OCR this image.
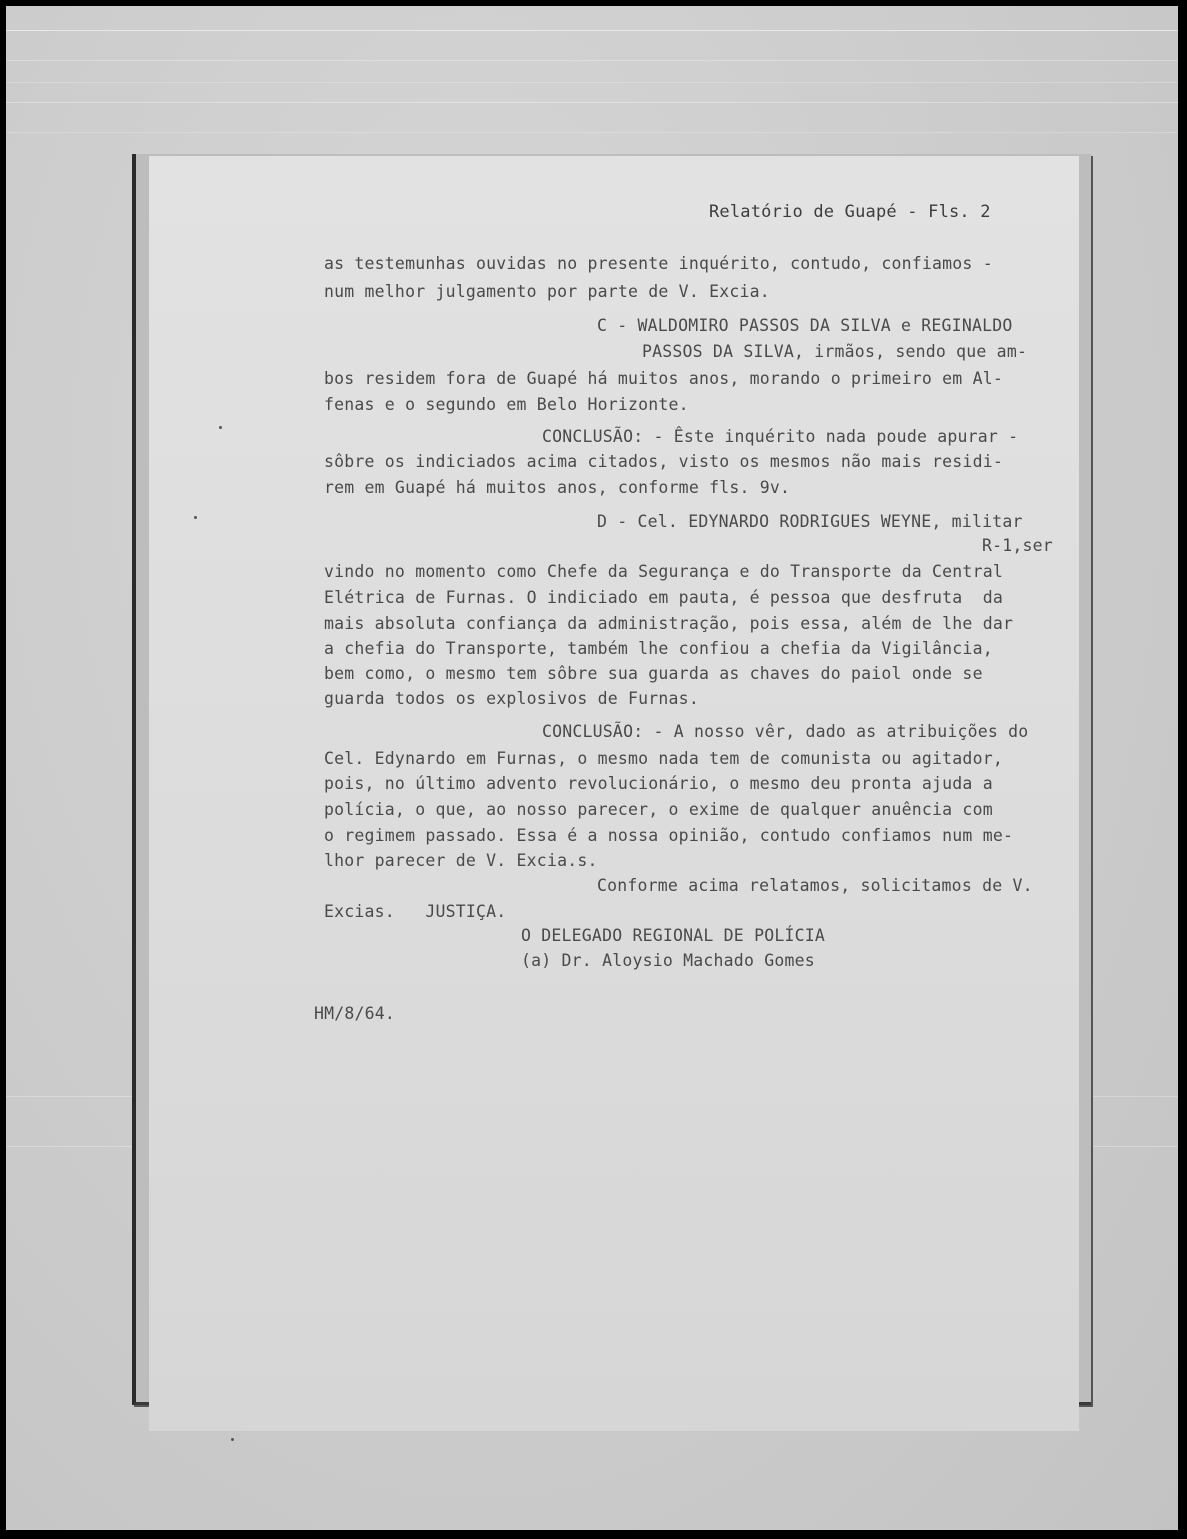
Relatório de Guapé - Fls. 2
as testemunhas ouvidas no presente inquérito, contudo, confiamos -
num melhor julgamento por parte de V. Excia.
C - WALDOMIRO PASSOS DA SILVA e REGINALDO
PASSOS DA SILVA, irmãos, sendo que am-
bos residem fora de Guapé há muitos anos, morando o primeiro em Al-
fenas e o segundo em Belo Horizonte.
CONCLUSÃO: - Êste inquérito nada poude apurar -
sôbre os indiciados acima citados, visto os mesmos não mais residi-
rem em Guapé há muitos anos, conforme fls. 9v.
D - Cel. EDYNARDO RODRIGUES WEYNE, militar
R-1,ser
vindo no momento como Chefe da Segurança e do Transporte da Central
Elétrica de Furnas. O indiciado em pauta, é pessoa que desfruta  da
mais absoluta confiança da administração, pois essa, além de lhe dar
a chefia do Transporte, também lhe confiou a chefia da Vigilância,
bem como, o mesmo tem sôbre sua guarda as chaves do paiol onde se
guarda todos os explosivos de Furnas.
CONCLUSÃO: - A nosso vêr, dado as atribuições do
Cel. Edynardo em Furnas, o mesmo nada tem de comunista ou agitador,
pois, no último advento revolucionário, o mesmo deu pronta ajuda a
polícia, o que, ao nosso parecer, o exime de qualquer anuência com
o regimem passado. Essa é a nossa opinião, contudo confiamos num me-
lhor parecer de V. Excia.s.
Conforme acima relatamos, solicitamos de V.
Excias.   JUSTIÇA.
O DELEGADO REGIONAL DE POLÍCIA
(a) Dr. Aloysio Machado Gomes
HM/8/64.
